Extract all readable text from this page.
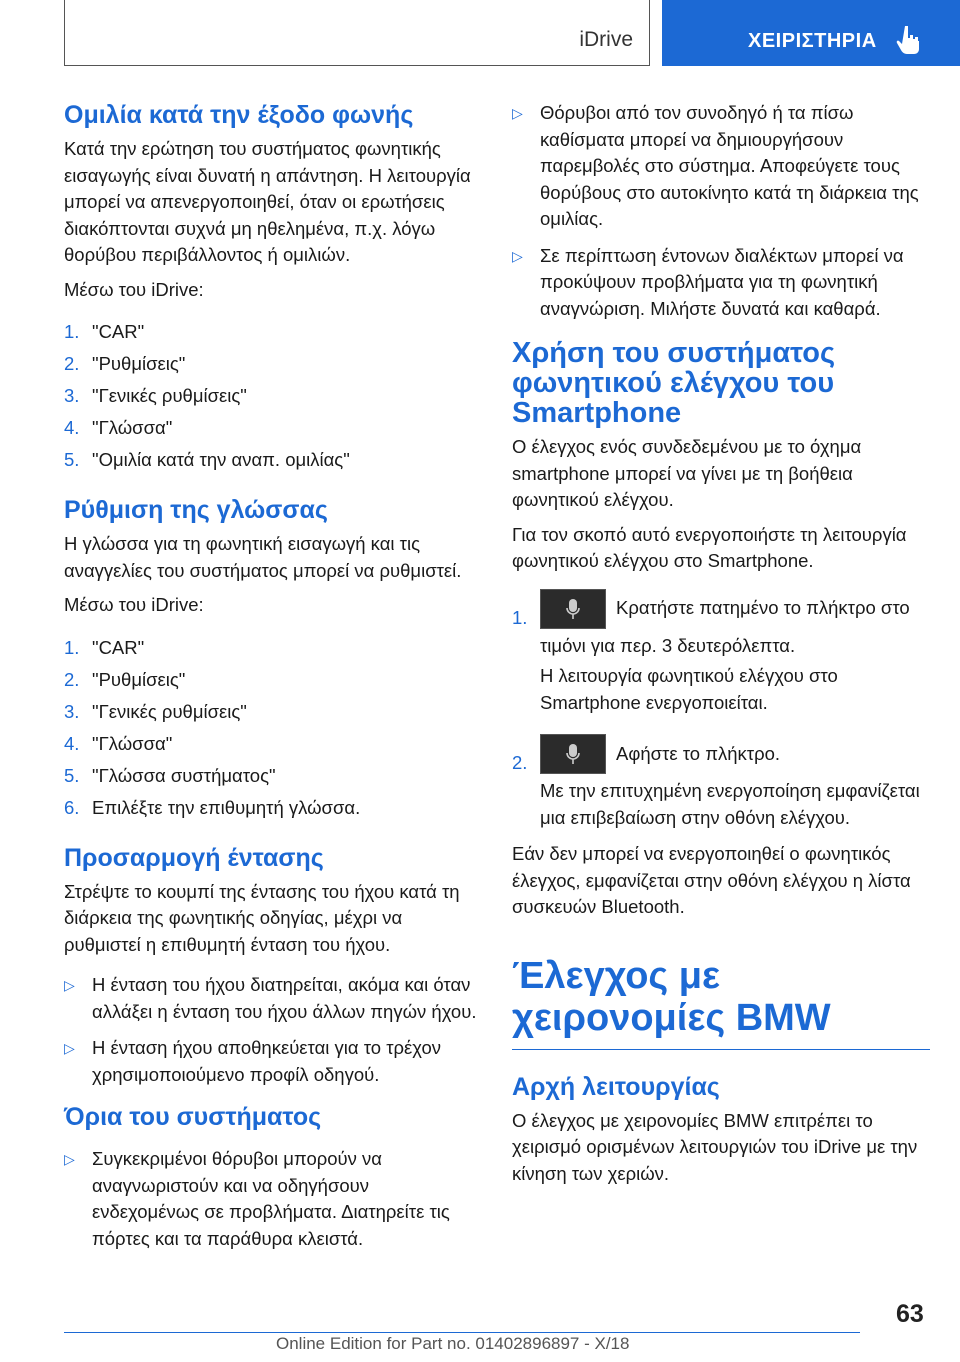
iDrive	ΧΕΙΡΙΣΤΗΡΙΑ
Ομιλία κατά την έξοδο φωνής

Κατά την ερώτηση του συστήματος φωνητικής εισαγωγής είναι δυνατή η απάντηση. Η λειτουργία μπορεί να απενεργοποιηθεί, όταν οι ερωτήσεις διακόπτονται συχνά μη ηθελημένα, π.χ. λόγω θορύβου περιβάλλοντος ή ομιλιών.

Μέσω του iDrive:

1. "CAR"
2. "Ρυθμίσεις"
3. "Γενικές ρυθμίσεις"
4. "Γλώσσα"
5. "Ομιλία κατά την αναπ. ομιλίας"
Ρύθμιση της γλώσσας

Η γλώσσα για τη φωνητική εισαγωγή και τις αναγγελίες του συστήματος μπορεί να ρυθμιστεί.

Μέσω του iDrive:

1. "CAR"
2. "Ρυθμίσεις"
3. "Γενικές ρυθμίσεις"
4. "Γλώσσα"
5. "Γλώσσα συστήματος"
6. Επιλέξτε την επιθυμητή γλώσσα.
Προσαρμογή έντασης

Στρέψτε το κουμπί της έντασης του ήχου κατά τη διάρκεια της φωνητικής οδηγίας, μέχρι να ρυθμιστεί η επιθυμητή ένταση του ήχου.

▷ Η ένταση του ήχου διατηρείται, ακόμα και όταν αλλάξει η ένταση του ήχου άλλων πηγών ήχου.
▷ Η ένταση ήχου αποθηκεύεται για το τρέχον χρησιμοποιούμενο προφίλ οδηγού.
Όρια του συστήματος
▷ Συγκεκριμένοι θόρυβοι μπορούν να αναγνωριστούν και να οδηγήσουν ενδεχομένως σε προβλήματα. Διατηρείτε τις πόρτες και τα παράθυρα κλειστά.
▷ Θόρυβοι από τον συνοδηγό ή τα πίσω καθίσματα μπορεί να δημιουργήσουν παρεμβολές στο σύστημα. Αποφεύγετε τους θορύβους στο αυτοκίνητο κατά τη διάρκεια της ομιλίας.
▷ Σε περίπτωση έντονων διαλέκτων μπορεί να προκύψουν προβλήματα για τη φωνητική αναγνώριση. Μιλήστε δυνατά και καθαρά.
Χρήση του συστήματος φωνητικού ελέγχου του Smartphone

Ο έλεγχος ενός συνδεδεμένου με το όχημα smartphone μπορεί να γίνει με τη βοήθεια φωνητικού ελέγχου.

Για τον σκοπό αυτό ενεργοποιήστε τη λειτουργία φωνητικού ελέγχου στο Smartphone.

1.	Κρατήστε πατημένο το πλήκτρο στο

τιμόνι για περ. 3 δευτερόλεπτα.

Η λειτουργία φωνητικού ελέγχου στο Smartphone ενεργοποιείται.

2.	Αφήστε το πλήκτρο.

Με την επιτυχημένη ενεργοποίηση εμφανίζεται μια επιβεβαίωση στην οθόνη ελέγχου.

Εάν δεν μπορεί να ενεργοποιηθεί ο φωνητικός έλεγχος, εμφανίζεται στην οθόνη ελέγχου η λίστα συσκευών Bluetooth.

Έλεγχος με χειρονομίες BMW
Αρχή λειτουργίας

Ο έλεγχος με χειρονομίες BMW επιτρέπει το χειρισμό ορισμένων λειτουργιών του iDrive με την κίνηση των χεριών.

63
Online Edition for Part no. 01402896897 - X/18
